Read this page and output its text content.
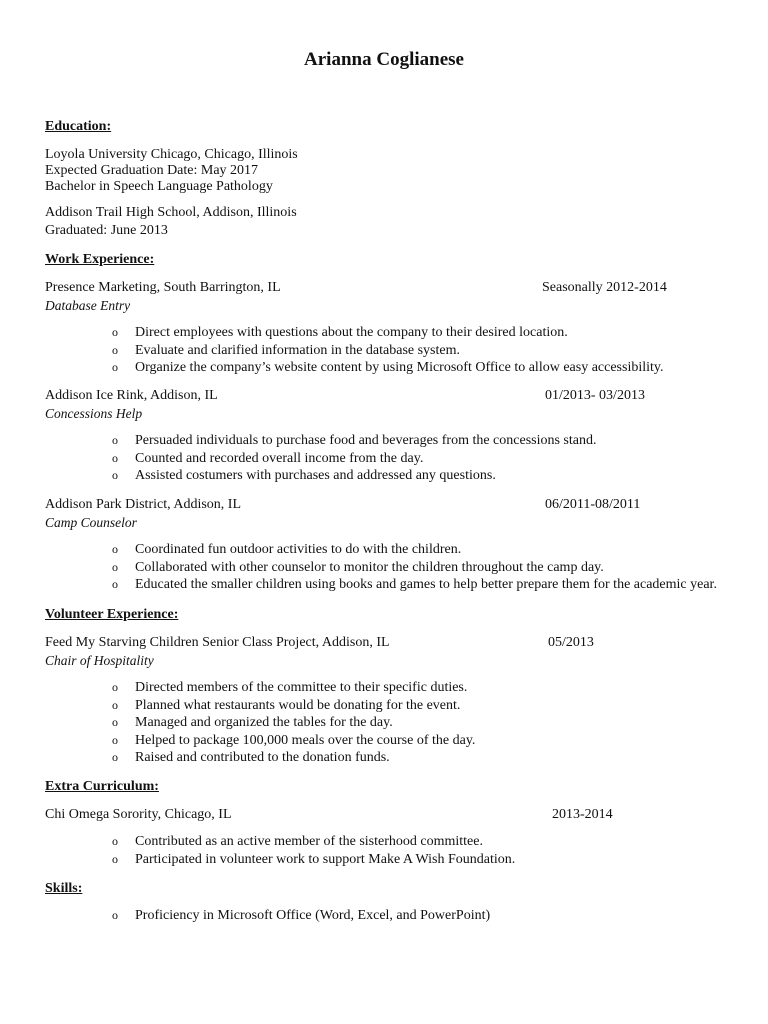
Arianna Coglianese
Education:
Loyola University Chicago, Chicago, Illinois
Expected Graduation Date: May 2017
Bachelor in Speech Language Pathology
Addison Trail High School, Addison, Illinois
Graduated: June 2013
Work Experience:
Presence Marketing, South Barrington, IL	Seasonally 2012-2014
Database Entry
o Direct employees with questions about the company to their desired location.
o Evaluate and clarified information in the database system.
o Organize the company’s website content by using Microsoft Office to allow easy accessibility.
Addison Ice Rink, Addison, IL	01/2013- 03/2013
Concessions Help
o Persuaded individuals to purchase food and beverages from the concessions stand.
o Counted and recorded overall income from the day.
o Assisted costumers with purchases and addressed any questions.
Addison Park District, Addison, IL	06/2011-08/2011
Camp Counselor
o Coordinated fun outdoor activities to do with the children.
o Collaborated with other counselor to monitor the children throughout the camp day.
o Educated the smaller children using books and games to help better prepare them for the academic year.
Volunteer Experience:
Feed My Starving Children Senior Class Project, Addison, IL	05/2013
Chair of Hospitality
o Directed members of the committee to their specific duties.
o Planned what restaurants would be donating for the event.
o Managed and organized the tables for the day.
o Helped to package 100,000 meals over the course of the day.
o Raised and contributed to the donation funds.
Extra Curriculum:
Chi Omega Sorority, Chicago, IL	2013-2014
o Contributed as an active member of the sisterhood committee.
o Participated in volunteer work to support Make A Wish Foundation.
Skills:
o Proficiency in Microsoft Office (Word, Excel, and PowerPoint)
